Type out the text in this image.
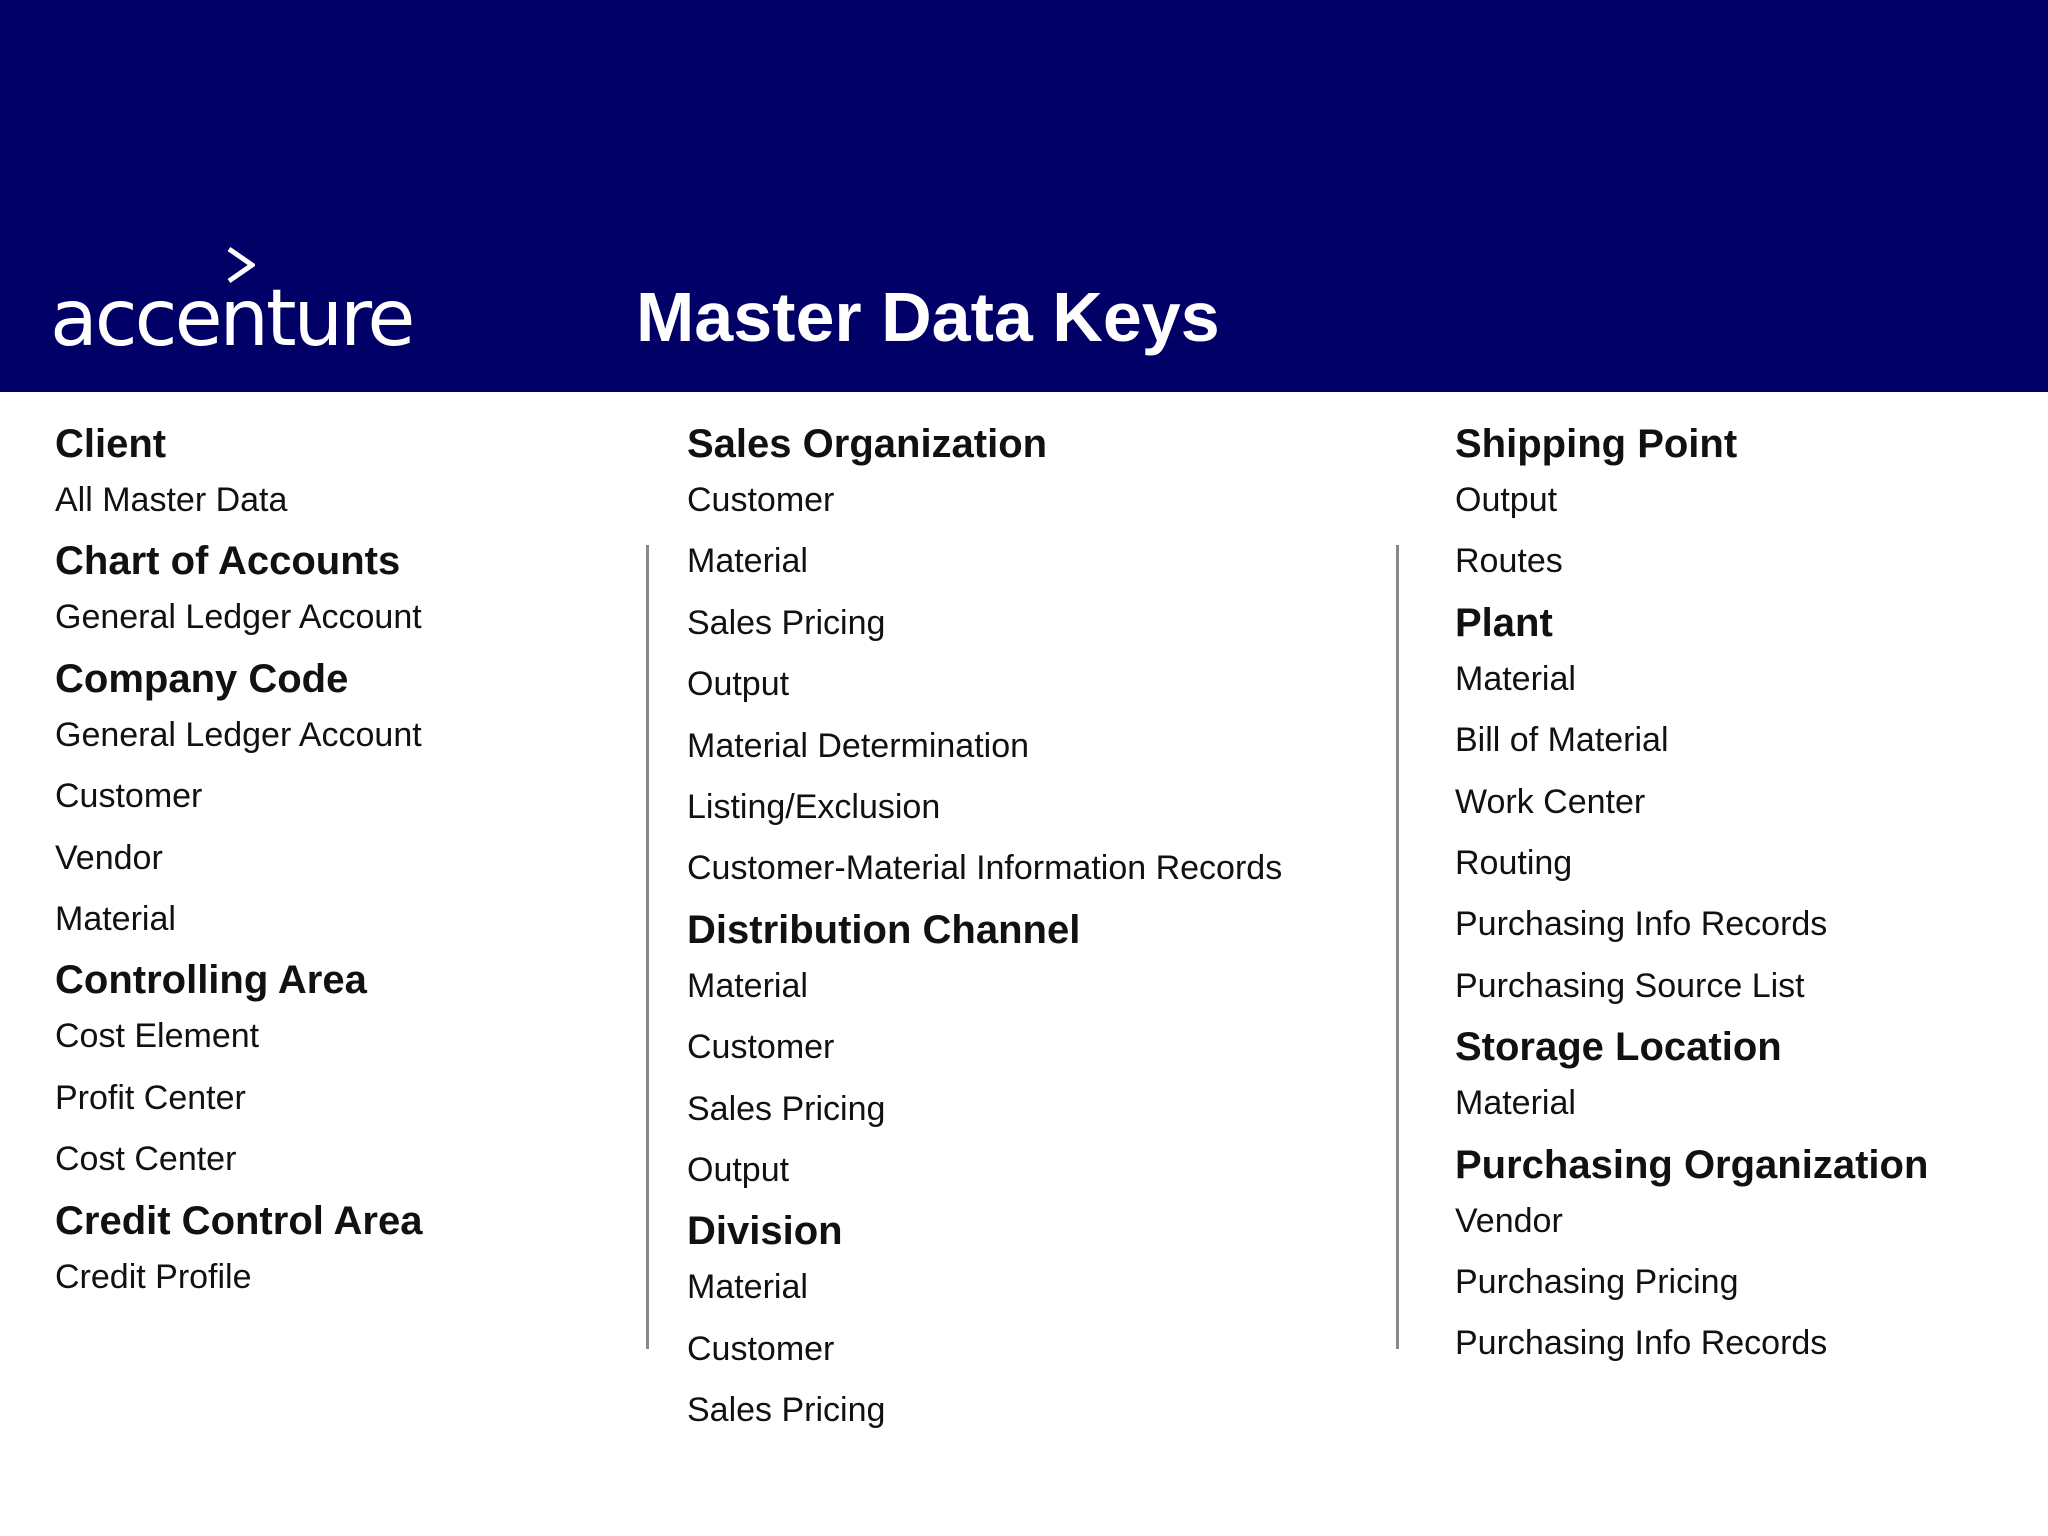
accenture	Master Data Keys
Client
All Master Data
Chart of Accounts
General Ledger Account
Company Code
General Ledger Account
Customer
Vendor
Material
Controlling Area
Cost Element
Profit Center
Cost Center
Credit Control Area
Credit Profile
Sales Organization
Customer
Material
Sales Pricing
Output
Material Determination
Listing/Exclusion
Customer-Material Information Records
Distribution Channel
Material
Customer
Sales Pricing
Output
Division
Material
Customer
Sales Pricing
Shipping Point
Output
Routes
Plant
Material
Bill of Material
Work Center
Routing
Purchasing Info Records
Purchasing Source List
Storage Location
Material
Purchasing Organization
Vendor
Purchasing Pricing
Purchasing Info Records
